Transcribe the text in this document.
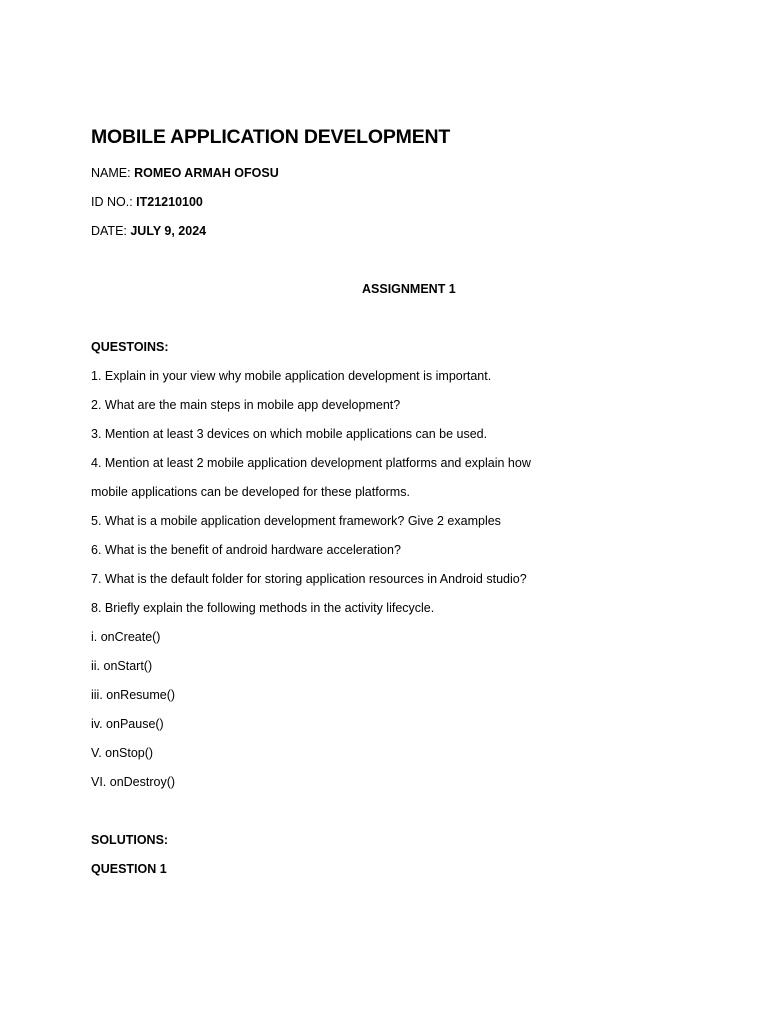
MOBILE APPLICATION DEVELOPMENT
NAME: ROMEO ARMAH OFOSU
ID NO.: IT21210100
DATE: JULY 9, 2024
ASSIGNMENT 1
QUESTOINS:
1. Explain in your view why mobile application development is important.
2. What are the main steps in mobile app development?
3. Mention at least 3 devices on which mobile applications can be used.
4. Mention at least 2 mobile application development platforms and explain how
mobile applications can be developed for these platforms.
5. What is a mobile application development framework? Give 2 examples
6. What is the benefit of android hardware acceleration?
7. What is the default folder for storing application resources in Android studio?
8. Briefly explain the following methods in the activity lifecycle.
i. onCreate()
ii. onStart()
iii. onResume()
iv. onPause()
V. onStop()
VI. onDestroy()
SOLUTIONS:
QUESTION 1
